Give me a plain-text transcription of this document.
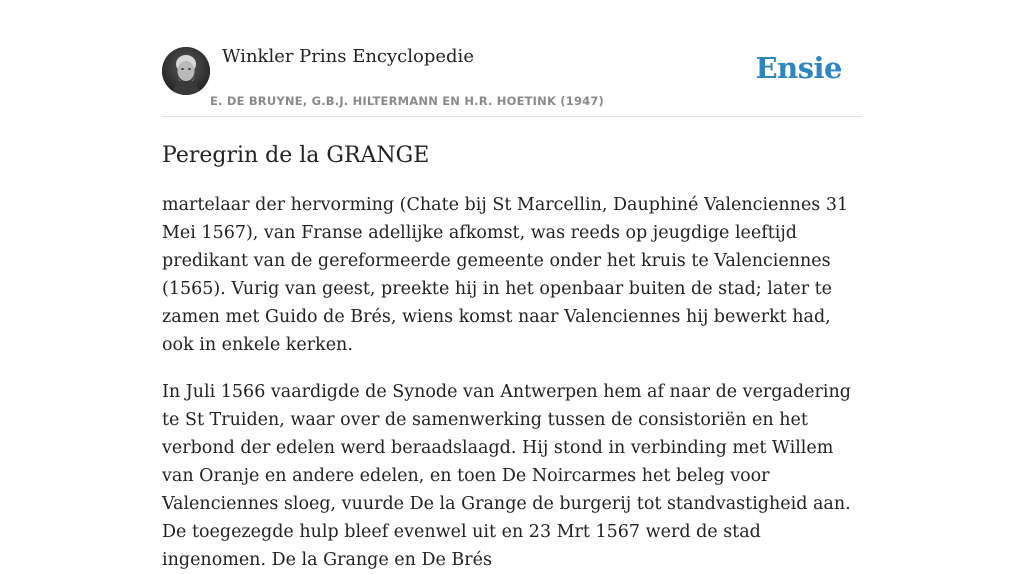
Winkler Prins Encyclopedie

E. DE BRUYNE, G.B.J. HILTERMANN EN H.R. HOETINK (1947)

Ensie
Peregrin de la GRANGE

martelaar der hervorming (Chate bij St Marcellin, Dauphiné Valenciennes 31 Mei 1567), van Franse adellijke afkomst, was reeds op jeugdige leeftijd predikant van de gereformeerde gemeente onder het kruis te Valenciennes (1565). Vurig van geest, preekte hij in het openbaar buiten de stad; later te zamen met Guido de Brés, wiens komst naar Valenciennes hij bewerkt had, ook in enkele kerken.

In Juli 1566 vaardigde de Synode van Antwerpen hem af naar de vergadering te St Truiden, waar over de samenwerking tussen de consistoriën en het verbond der edelen werd beraadslaagd. Hij stond in verbinding met Willem van Oranje en andere edelen, en toen De Noircarmes het beleg voor Valenciennes sloeg, vuurde De la Grange de burgerij tot standvastigheid aan. De toegezegde hulp bleef evenwel uit en 23 Mrt 1567 werd de stad ingenomen. De la Grange en De Brés
